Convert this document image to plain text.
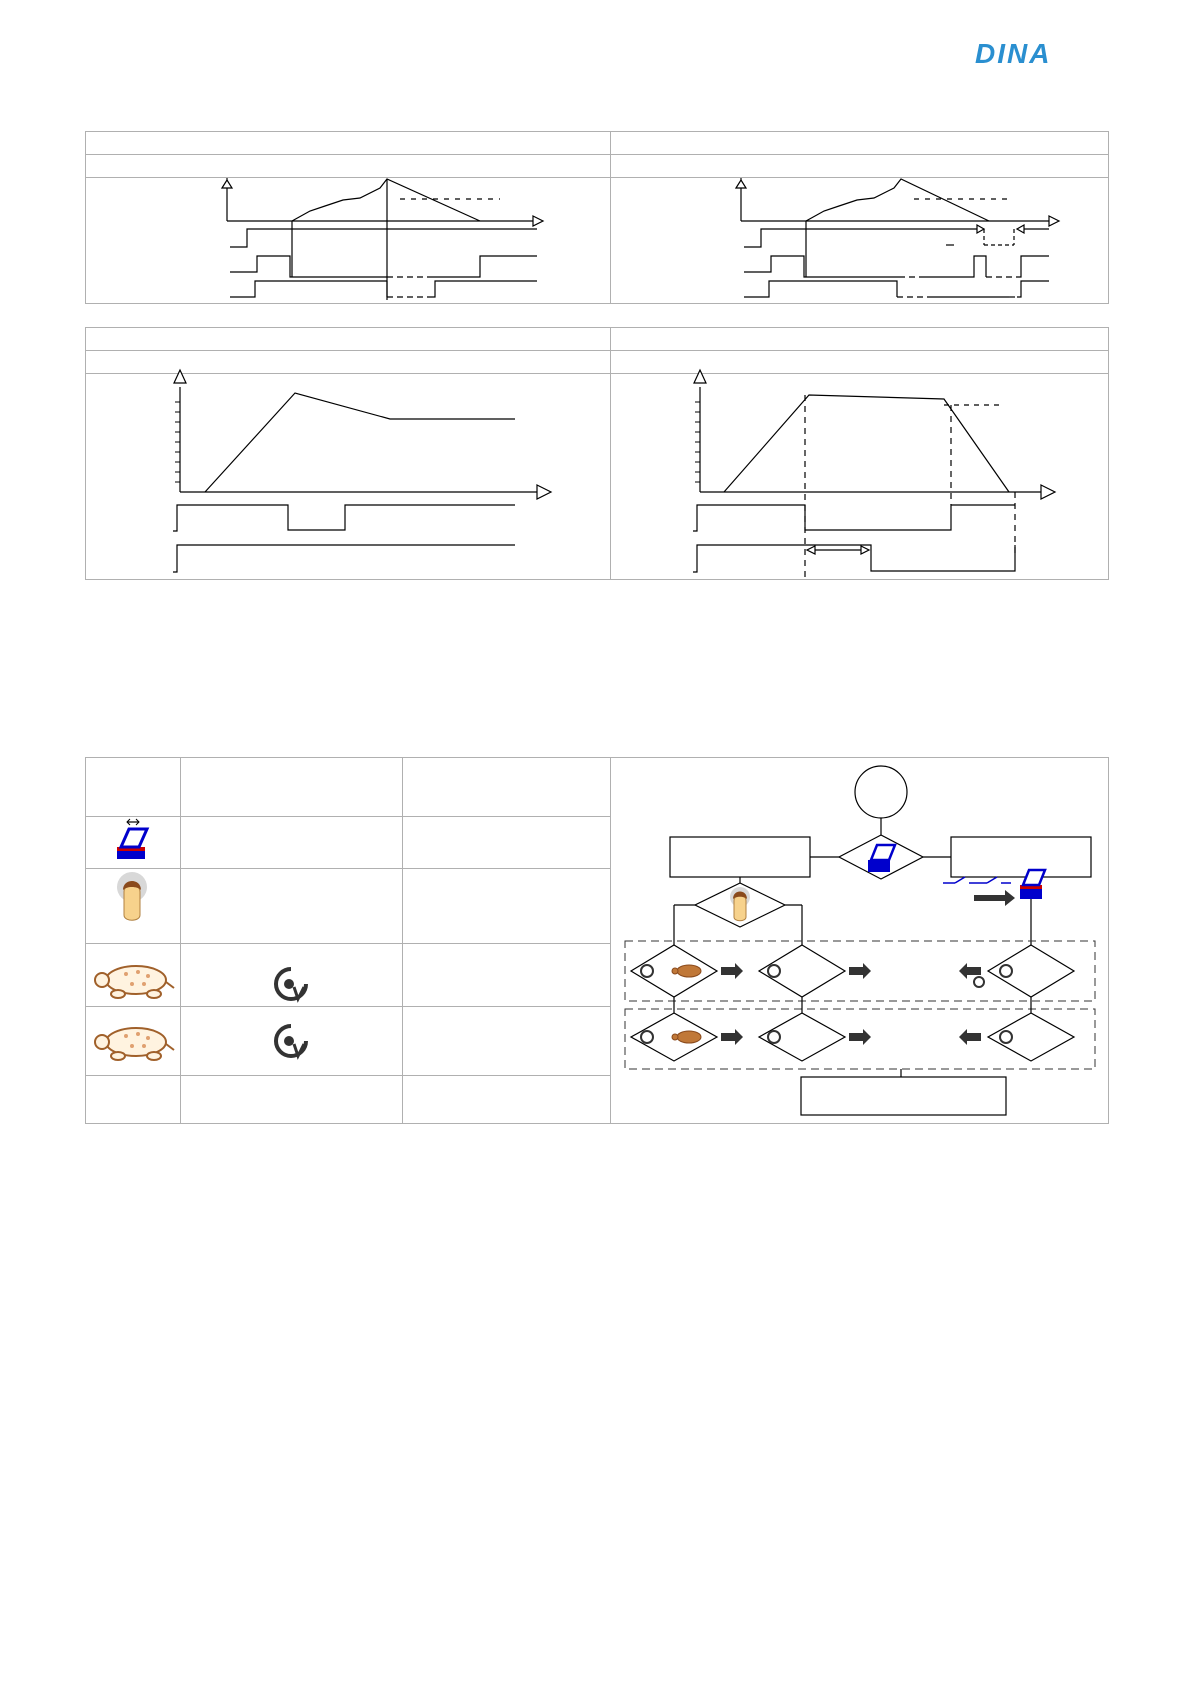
DINA
